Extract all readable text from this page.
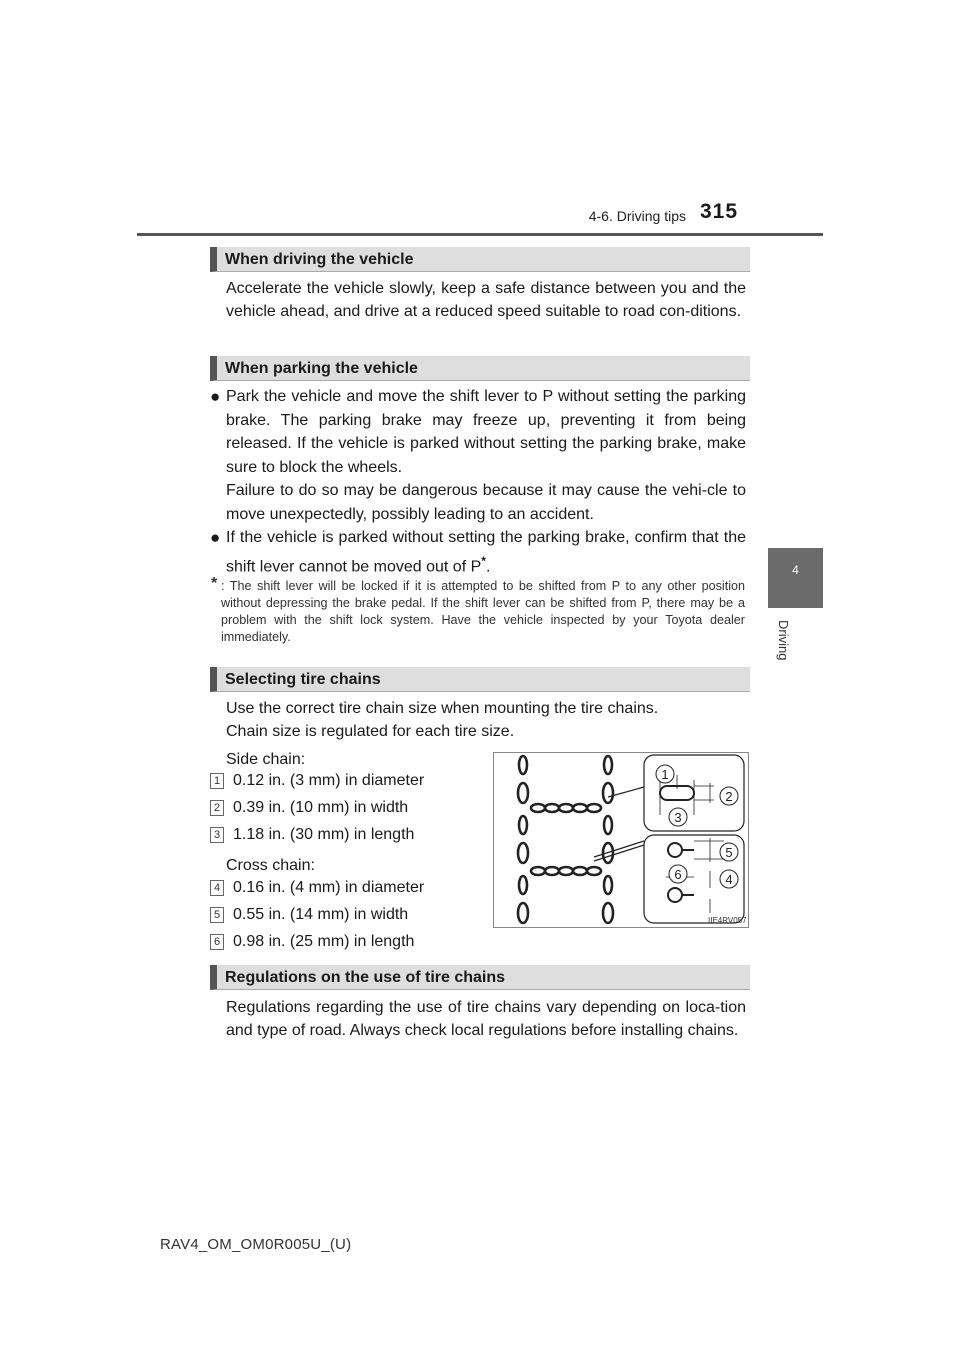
4-6. Driving tips 315
4
Driving
When driving the vehicle
Accelerate the vehicle slowly, keep a safe distance between you and the vehicle ahead, and drive at a reduced speed suitable to road con-ditions.
When parking the vehicle
● Park the vehicle and move the shift lever to P without setting the parking brake. The parking brake may freeze up, preventing it from being released. If the vehicle is parked without setting the parking brake, make sure to block the wheels.
Failure to do so may be dangerous because it may cause the vehi-cle to move unexpectedly, possibly leading to an accident.
● If the vehicle is parked without setting the parking brake, confirm that the shift lever cannot be moved out of P*.
* : The shift lever will be locked if it is attempted to be shifted from P to any other position without depressing the brake pedal. If the shift lever can be shifted from P, there may be a problem with the shift lock system. Have the vehicle inspected by your Toyota dealer immediately.
Selecting tire chains
Use the correct tire chain size when mounting the tire chains.
Chain size is regulated for each tire size.
Side chain:
1 0.12 in. (3 mm) in diameter
2 0.39 in. (10 mm) in width
3 1.18 in. (30 mm) in length
Cross chain:
4 0.16 in. (4 mm) in diameter
5 0.55 in. (14 mm) in width
6 0.98 in. (25 mm) in length
1
2
3
4
5
6
IIE4RV057
Regulations on the use of tire chains
Regulations regarding the use of tire chains vary depending on loca-tion and type of road. Always check local regulations before installing chains.
RAV4_OM_OM0R005U_(U)
